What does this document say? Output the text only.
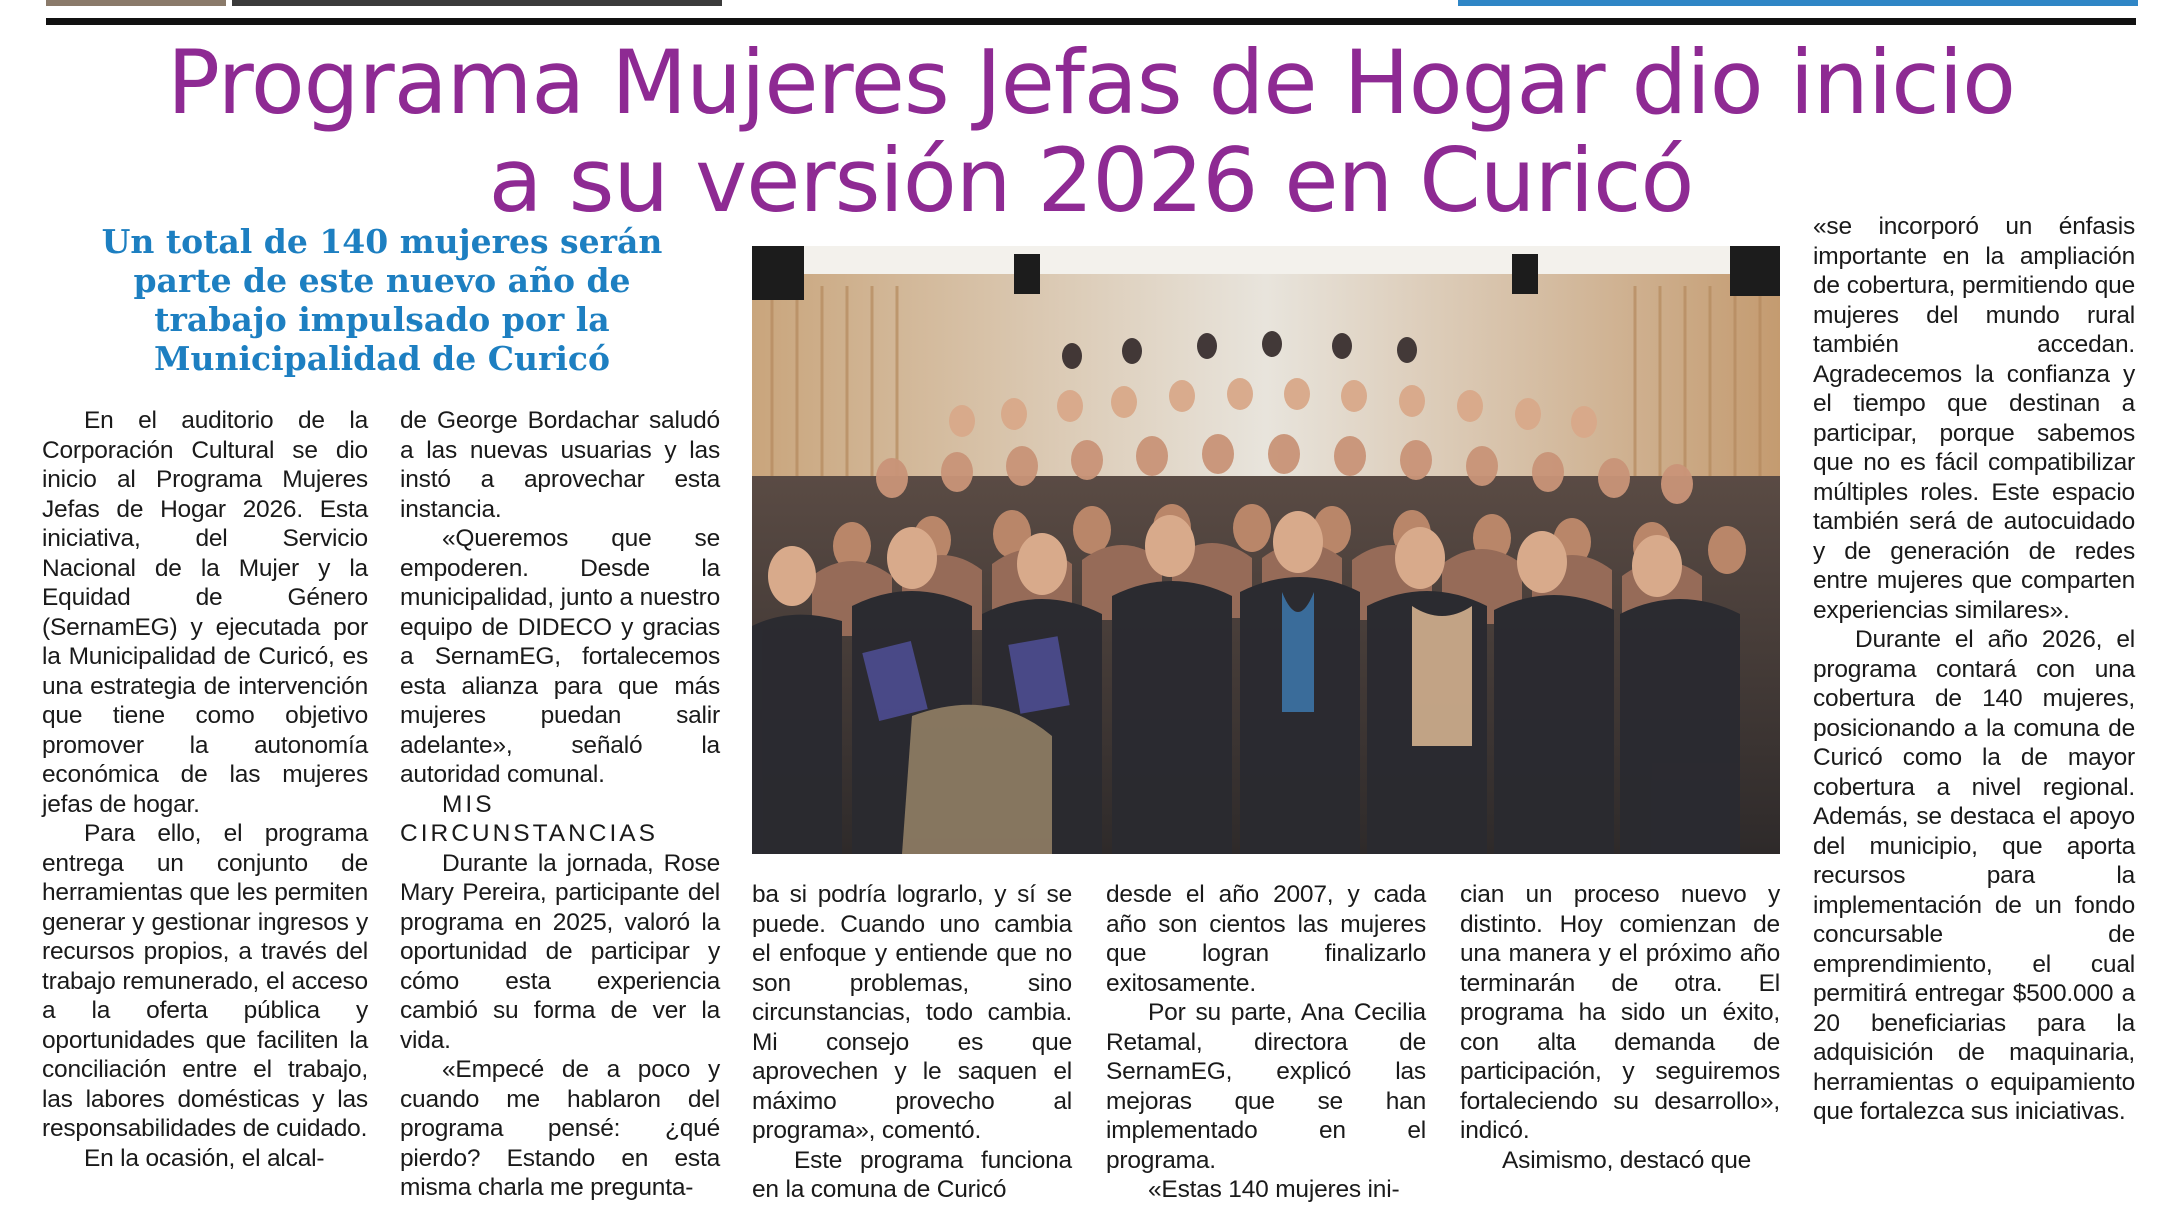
Programa Mujeres Jefas de Hogar dio inicio
a su versión 2026 en Curicó
Un total de 140 mujeres serán
parte de este nuevo año de
trabajo impulsado por la
Municipalidad de Curicó

En el auditorio de la Corporación Cultural se dio inicio al Programa Mujeres Jefas de Hogar 2026. Esta iniciativa, del Servicio Nacional de la Mujer y la Equidad de Género (SernamEG) y ejecutada por la Municipalidad de Curicó, es una estrategia de intervención que tiene como objetivo promover la autonomía económica de las mujeres jefas de hogar.

Para ello, el programa entrega un conjunto de herramientas que les permiten generar y gestionar ingresos y recursos propios, a través del trabajo remunerado, el acceso a la oferta pública y oportunidades que faciliten la conciliación entre el trabajo, las labores domésticas y las responsabilidades de cuidado.

En la ocasión, el alcal-

de George Bordachar saludó a las nuevas usuarias y las instó a aprovechar esta instancia.

«Queremos que se empoderen. Desde la municipalidad, junto a nuestro equipo de DIDECO y gracias a SernamEG, fortalecemos esta alianza para que más mujeres puedan salir adelante», señaló la autoridad comunal.

MIS CIRCUNSTANCIAS

Durante la jornada, Rose Mary Pereira, participante del programa en 2025, valoró la oportunidad de participar y cómo esta experiencia cambió su forma de ver la vida.

«Empecé de a poco y cuando me hablaron del programa pensé: ¿qué pierdo? Estando en esta misma charla me pregunta-

ba si podría lograrlo, y sí se puede. Cuando uno cambia el enfoque y entiende que no son problemas, sino circunstancias, todo cambia. Mi consejo es que aprovechen y le saquen el máximo provecho al programa», comentó.

Este programa funciona en la comuna de Curicó

desde el año 2007, y cada año son cientos las mujeres que logran finalizarlo exitosamente.

Por su parte, Ana Cecilia Retamal, directora de SernamEG, explicó las mejoras que se han implementado en el programa.

«Estas 140 mujeres ini-

cian un proceso nuevo y distinto. Hoy comienzan de una manera y el próximo año terminarán de otra. El programa ha sido un éxito, con alta demanda de participación, y seguiremos fortaleciendo su desarrollo», indicó.

Asimismo, destacó que

«se incorporó un énfasis importante en la ampliación de cobertura, permitiendo que mujeres del mundo rural también accedan. Agradecemos la confianza y el tiempo que destinan a participar, porque sabemos que no es fácil compatibilizar múltiples roles. Este espacio también será de autocuidado y de generación de redes entre mujeres que comparten experiencias similares».

Durante el año 2026, el programa contará con una cobertura de 140 mujeres, posicionando a la comuna de Curicó como la de mayor cobertura a nivel regional. Además, se destaca el apoyo del municipio, que aporta recursos para la implementación de un fondo concursable de emprendimiento, el cual permitirá entregar $500.000 a 20 beneficiarias para la adquisición de maquinaria, herramientas o equipamiento que fortalezca sus iniciativas.
